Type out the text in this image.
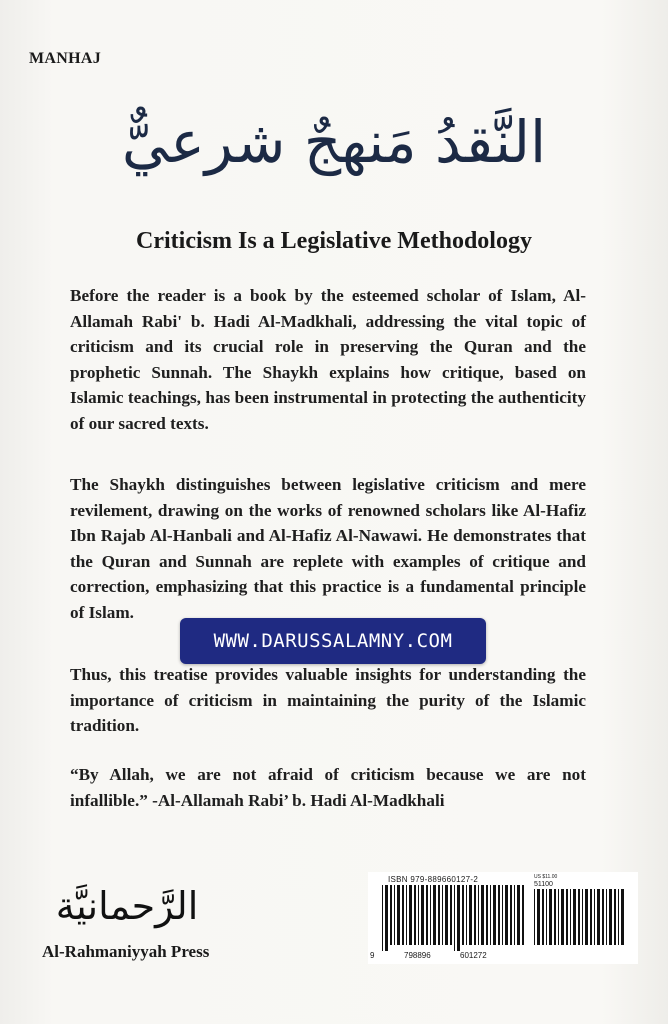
MANHAJ
النَّقدُ مَنهجٌ شرعيٌّ
Criticism Is a Legislative Methodology
Before the reader is a book by the esteemed scholar of Islam, Al-Allamah Rabi' b. Hadi Al-Madkhali, addressing the vital topic of criticism and its crucial role in preserving the Quran and the prophetic Sunnah. The Shaykh explains how critique, based on Islamic teachings, has been instrumental in protecting the authenticity of our sacred texts.
The Shaykh distinguishes between legislative criticism and mere revilement, drawing on the works of renowned scholars like Al-Hafiz Ibn Rajab Al-Hanbali and Al-Hafiz Al-Nawawi. He demonstrates that the Quran and Sunnah are replete with examples of critique and correction, emphasizing that this practice is a fundamental principle of Islam.
Thus, this treatise provides valuable insights for understanding the importance of criticism in maintaining the purity of the Islamic tradition.
“By Allah, we are not afraid of criticism because we are not infallible.” -Al-Allamah Rabi’ b. Hadi Al-Madkhali
WWW.DARUSSALAMNY.COM
الرَّحمانيَّة
Al-Rahmaniyyah Press
ISBN 979-889660127-2	US $11.00
51100
9	798896	601272
